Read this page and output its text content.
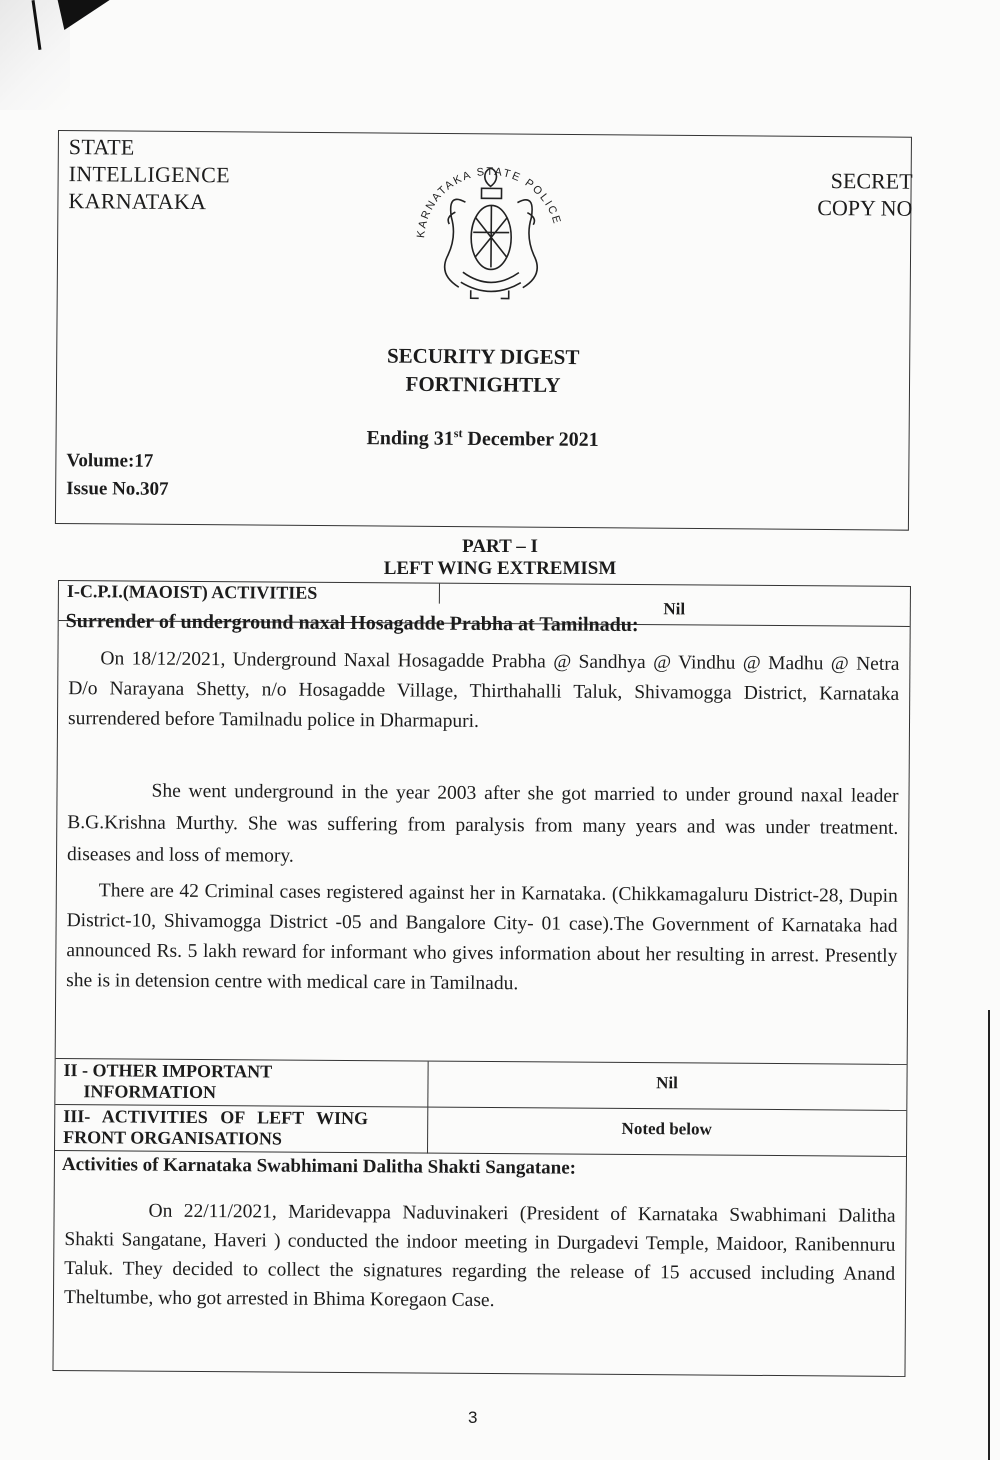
STATE
INTELLIGENCE
KARNATAKA
KARNATAKA STATE POLICE
SECRET
COPY NO
SECURITY DIGEST
FORTNIGHTLY
Ending 31st December 2021
Volume:17
Issue No.307
PART – I
LEFT WING EXTREMISM
I-C.P.I.(MAOIST) ACTIVITIES
Nil
Surrender of underground naxal Hosagadde Prabha at Tamilnadu:
On 18/12/2021, Underground Naxal Hosagadde Prabha @ Sandhya @ Vindhu @ Madhu @ Netra D/o Narayana Shetty, n/o Hosagadde Village, Thirthahalli Taluk, Shivamogga District, Karnataka surrendered before Tamilnadu police in Dharmapuri.
She went underground in the year 2003 after she got married to under ground naxal leader B.G.Krishna Murthy. She was suffering from paralysis from many years and was under treatment. diseases and loss of memory.
There are 42 Criminal cases registered against her in Karnataka. (Chikkamagaluru District-28, Dupin District-10, Shivamogga District -05 and Bangalore City- 01 case).The Government of Karnataka had announced Rs. 5 lakh reward for informant who gives information about her resulting in arrest. Presently she is in detension centre with medical care in Tamilnadu.
II - OTHER IMPORTANT
INFORMATION	Nil
III- ACTIVITIES OF LEFT WING
FRONT ORGANISATIONS	Noted below
Activities of Karnataka Swabhimani Dalitha Shakti Sangatane:
On 22/11/2021, Maridevappa Naduvinakeri (President of Karnataka Swabhimani Dalitha Shakti Sangatane, Haveri ) conducted the indoor meeting in Durgadevi Temple, Maidoor, Ranibennuru Taluk. They decided to collect the signatures regarding the release of 15 accused including Anand Theltumbe, who got arrested in Bhima Koregaon Case.
3
